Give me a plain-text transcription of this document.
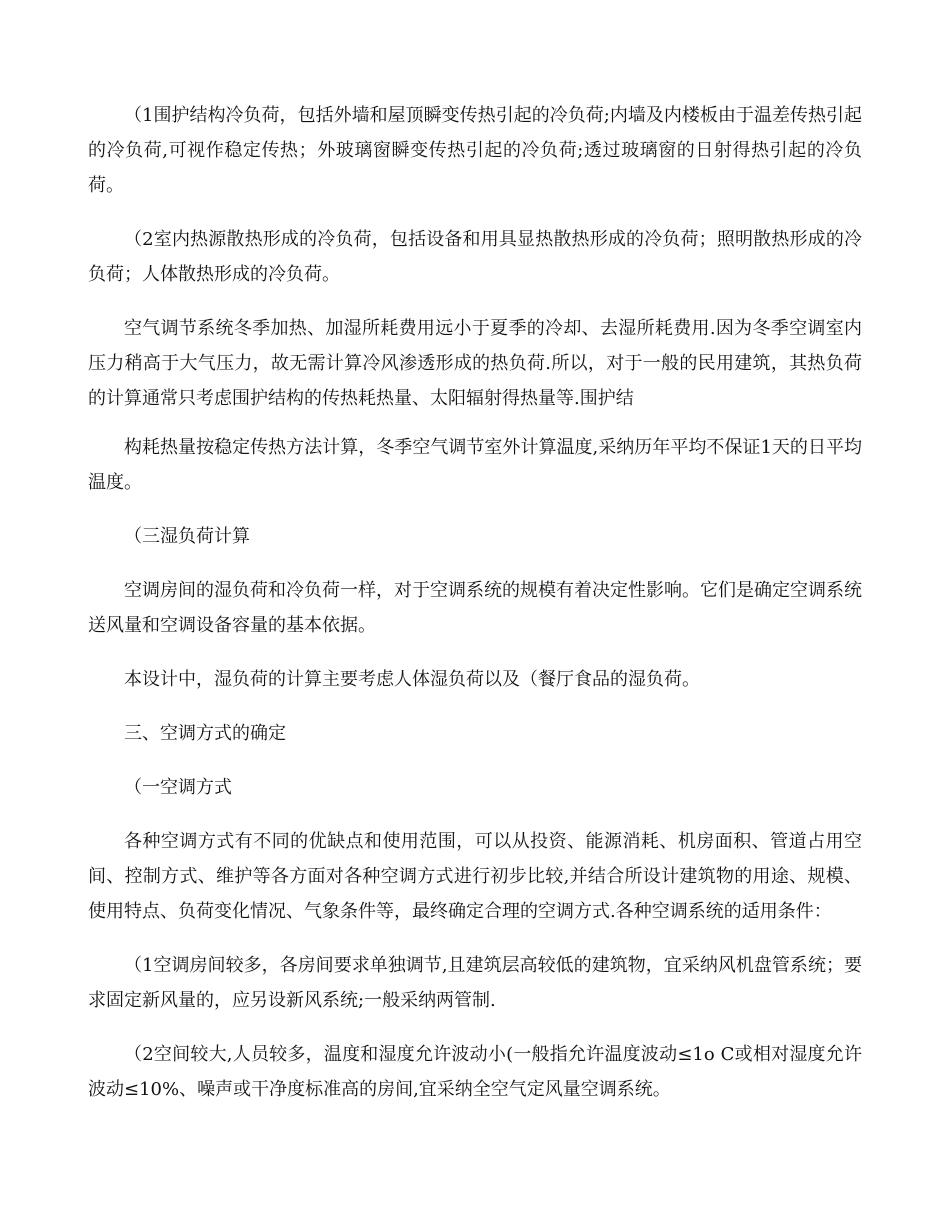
（1围护结构冷负荷，包括外墙和屋顶瞬变传热引起的冷负荷;内墙及内楼板由于温差传热引起的冷负荷,可视作稳定传热；外玻璃窗瞬变传热引起的冷负荷;透过玻璃窗的日射得热引起的冷负荷。

（2室内热源散热形成的冷负荷，包括设备和用具显热散热形成的冷负荷；照明散热形成的冷负荷；人体散热形成的冷负荷。

空气调节系统冬季加热、加湿所耗费用远小于夏季的冷却、去湿所耗费用.因为冬季空调室内压力稍高于大气压力，故无需计算冷风渗透形成的热负荷.所以，对于一般的民用建筑，其热负荷的计算通常只考虑围护结构的传热耗热量、太阳辐射得热量等.围护结

构耗热量按稳定传热方法计算，冬季空气调节室外计算温度,采纳历年平均不保证1天的日平均温度。

（三湿负荷计算

空调房间的湿负荷和冷负荷一样，对于空调系统的规模有着决定性影响。它们是确定空调系统送风量和空调设备容量的基本依据。

本设计中，湿负荷的计算主要考虑人体湿负荷以及（餐厅食品的湿负荷。

三、空调方式的确定

（一空调方式

各种空调方式有不同的优缺点和使用范围，可以从投资、能源消耗、机房面积、管道占用空间、控制方式、维护等各方面对各种空调方式进行初步比较,并结合所设计建筑物的用途、规模、使用特点、负荷变化情况、气象条件等，最终确定合理的空调方式.各种空调系统的适用条件：

（1空调房间较多，各房间要求单独调节,且建筑层高较低的建筑物，宜采纳风机盘管系统；要求固定新风量的，应另设新风系统;一般采纳两管制.

（2空间较大,人员较多，温度和湿度允许波动小(一般指允许温度波动≤1o C或相对湿度允许波动≤10%、噪声或干净度标准高的房间,宜采纳全空气定风量空调系统。
